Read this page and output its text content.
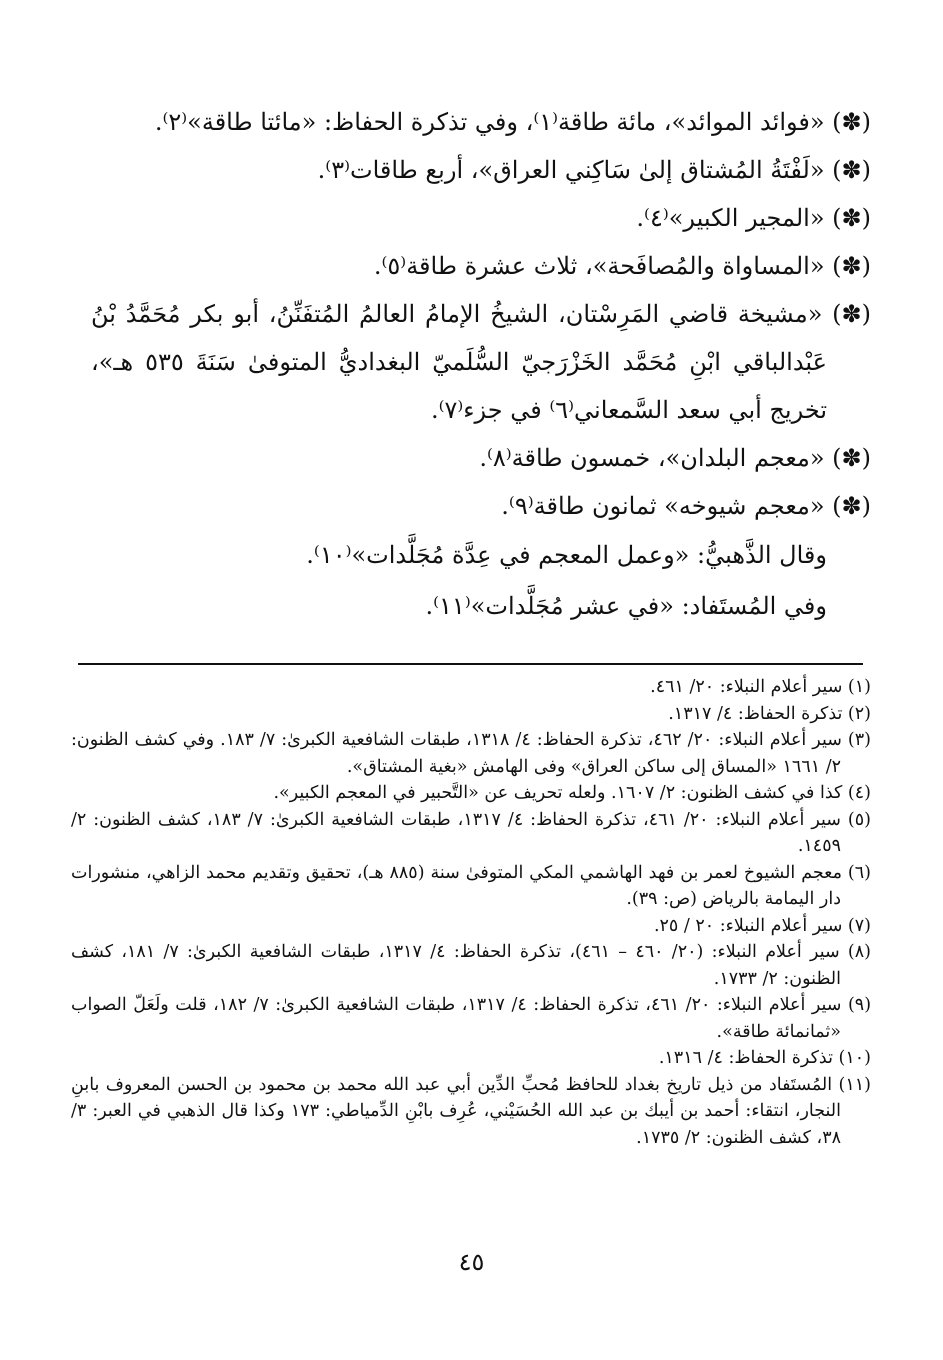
(✽) «فوائد الموائد»، مائة طاقة⁽١⁾، وفي تذكرة الحفاظ: «مائتا طاقة»⁽٢⁾.

(✽) «لَفْتَةُ المُشتاق إلىٰ سَاكِني العراق»، أربع طاقات⁽٣⁾.

(✽) «المجير الكبير»⁽٤⁾.

(✽) «المساواة والمُصافَحة»، ثلاث عشرة طاقة⁽٥⁾.

(✽) «مشيخة قاضي المَرِسْتان، الشيخُ الإمامُ العالمُ المُتفَنِّنُ، أبو بكر مُحَمَّدُ بْنُ عَبْدالباقي ابْنِ مُحَمَّد الخَزْرَجيّ السُّلَميّ البغداديُّ المتوفىٰ سَنَةَ ٥٣٥ هـ»، تخريج أبي سعد السَّمعاني⁽٦⁾ في جزء⁽٧⁾.

(✽) «معجم البلدان»، خمسون طاقة⁽٨⁾.

(✽) «معجم شيوخه» ثمانون طاقة⁽٩⁾.

وقال الذَّهبيُّ: «وعمل المعجم في عِدَّة مُجَلَّدات»⁽١٠⁾.

وفي المُستَفاد: «في عشر مُجَلَّدات»⁽١١⁾.

(١) سير أعلام النبلاء: ٢٠/ ٤٦١.

(٢) تذكرة الحفاظ: ٤/ ١٣١٧.

(٣) سير أعلام النبلاء: ٢٠/ ٤٦٢، تذكرة الحفاظ: ٤/ ١٣١٨، طبقات الشافعية الكبرىٰ: ٧/ ١٨٣. وفي كشف الظنون: ٢/ ١٦٦١ «المساق إلى ساكن العراق» وفى الهامش «بغية المشتاق».

(٤) كذا في كشف الظنون: ٢/ ١٦٠٧. ولعله تحريف عن «التَّحبير في المعجم الكبير».

(٥) سير أعلام النبلاء: ٢٠/ ٤٦١، تذكرة الحفاظ: ٤/ ١٣١٧، طبقات الشافعية الكبرىٰ: ٧/ ١٨٣، كشف الظنون: ٢/ ١٤٥٩.

(٦) معجم الشيوخ لعمر بن فهد الهاشمي المكي المتوفىٰ سنة (٨٨٥ هـ)، تحقيق وتقديم محمد الزاهي، منشورات دار اليمامة بالرياض (ص: ٣٩).

(٧) سير أعلام النبلاء: ٢٠ / ٢٥.

(٨) سير أعلام النبلاء: (٢٠/ ٤٦٠ – ٤٦١)، تذكرة الحفاظ: ٤/ ١٣١٧، طبقات الشافعية الكبرىٰ: ٧/ ١٨١، كشف الظنون: ٢/ ١٧٣٣.

(٩) سير أعلام النبلاء: ٢٠/ ٤٦١، تذكرة الحفاظ: ٤/ ١٣١٧، طبقات الشافعية الكبرىٰ: ٧/ ١٨٢، قلت ولَعَلّ الصواب «ثمانمائة طاقة».

(١٠) تذكرة الحفاظ: ٤/ ١٣١٦.

(١١) المُستَفاد من ذيل تاريخ بغداد للحافظ مُحبِّ الدِّين أبي عبد الله محمد بن محمود بن الحسن المعروف بابنِ النجار، انتقاء: أحمد بن أيبك بن عبد الله الحُسَيْني، عُرِف بابْنِ الدِّمياطي: ١٧٣ وكذا قال الذهبي في العبر: ٣/ ٣٨، كشف الظنون: ٢/ ١٧٣٥.

٤٥
